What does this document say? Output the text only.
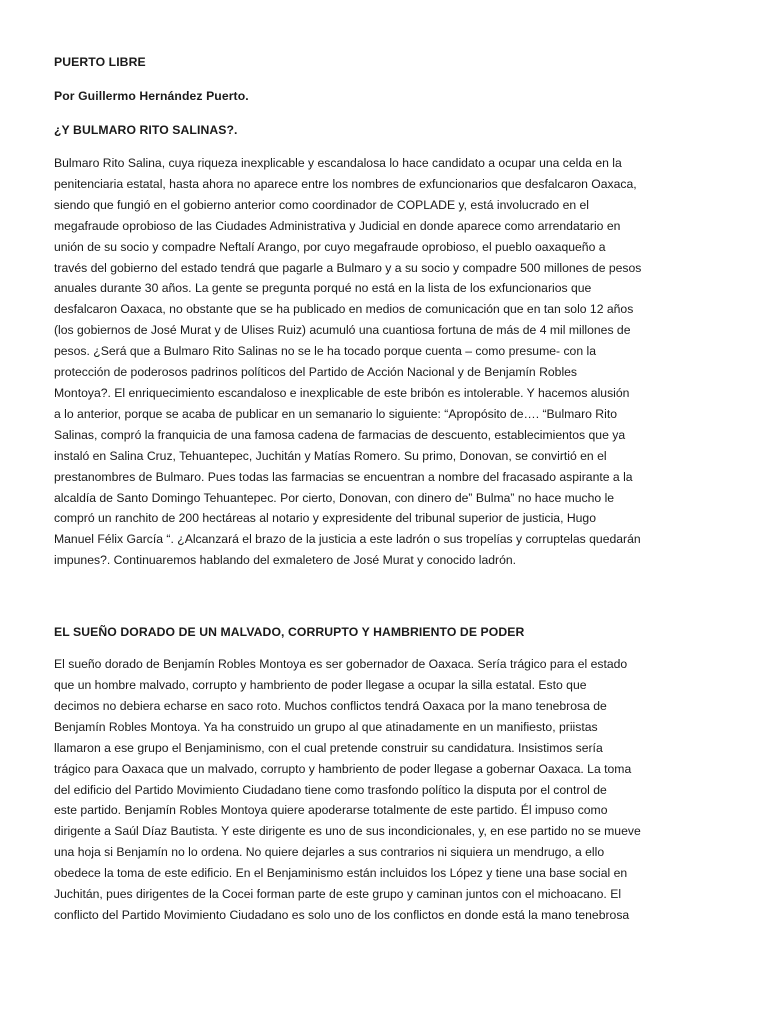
PUERTO LIBRE

Por Guillermo Hernández Puerto.

¿Y BULMARO RITO SALINAS?.

Bulmaro Rito Salina, cuya riqueza inexplicable y escandalosa lo hace candidato a ocupar una celda en la
penitenciaria estatal, hasta ahora no aparece entre los nombres de exfuncionarios que desfalcaron Oaxaca,
siendo que fungió en el gobierno anterior como coordinador de COPLADE y, está involucrado en el
megafraude oprobioso de las Ciudades Administrativa y Judicial en donde aparece como arrendatario en
unión de su socio y compadre Neftalí Arango, por cuyo megafraude oprobioso, el pueblo oaxaqueño a
través del gobierno del estado tendrá que pagarle a Bulmaro y a su socio y compadre 500 millones de pesos
anuales durante 30 años. La gente se pregunta porqué no está en la lista de los exfuncionarios que
desfalcaron Oaxaca, no obstante que se ha publicado en medios de comunicación que en tan solo 12 años
(los gobiernos de José Murat y de Ulises Ruiz) acumuló una cuantiosa fortuna de más de 4 mil millones de
pesos. ¿Será que a Bulmaro Rito Salinas no se le ha tocado porque cuenta – como presume- con la
protección de poderosos padrinos políticos del Partido de Acción Nacional y de Benjamín Robles
Montoya?. El enriquecimiento escandaloso e inexplicable de este bribón es intolerable. Y hacemos alusión
a lo anterior, porque se acaba de publicar en un semanario lo siguiente: “Apropósito de…. “Bulmaro Rito
Salinas, compró la franquicia de una famosa cadena de farmacias de descuento, establecimientos que ya
instaló en Salina Cruz, Tehuantepec, Juchitán y Matías Romero. Su primo, Donovan, se convirtió en el
prestanombres de Bulmaro. Pues todas las farmacias se encuentran a nombre del fracasado aspirante a la
alcaldía de Santo Domingo Tehuantepec. Por cierto, Donovan, con dinero de” Bulma” no hace mucho le
compró un ranchito de 200 hectáreas al notario y expresidente del tribunal superior de justicia, Hugo
Manuel Félix García “. ¿Alcanzará el brazo de la justicia a este ladrón o sus tropelías y corruptelas quedarán
impunes?. Continuaremos hablando del exmaletero de José Murat y conocido ladrón.

EL SUEÑO DORADO DE UN MALVADO, CORRUPTO Y HAMBRIENTO DE PODER

El sueño dorado de Benjamín Robles Montoya es ser gobernador de Oaxaca. Sería trágico para el estado
que un hombre malvado, corrupto y hambriento de poder llegase a ocupar la silla estatal. Esto que
decimos no debiera echarse en saco roto. Muchos conflictos tendrá Oaxaca por la mano tenebrosa de
Benjamín Robles Montoya. Ya ha construido un grupo al que atinadamente en un manifiesto, priistas
llamaron a ese grupo el Benjaminismo, con el cual pretende construir su candidatura. Insistimos sería
trágico para Oaxaca que un malvado, corrupto y hambriento de poder llegase a gobernar Oaxaca. La toma
del edificio del Partido Movimiento Ciudadano tiene como trasfondo político la disputa por el control de
este partido. Benjamín Robles Montoya quiere apoderarse totalmente de este partido. Él impuso como
dirigente a Saúl Díaz Bautista. Y este dirigente es uno de sus incondicionales, y, en ese partido no se mueve
una hoja si Benjamín no lo ordena. No quiere dejarles a sus contrarios ni siquiera un mendrugo, a ello
obedece la toma de este edificio. En el Benjaminismo están incluidos los López y tiene una base social en
Juchitán, pues dirigentes de la Cocei forman parte de este grupo y caminan juntos con el michoacano. El
conflicto del Partido Movimiento Ciudadano es solo uno de los conflictos en donde está la mano tenebrosa
